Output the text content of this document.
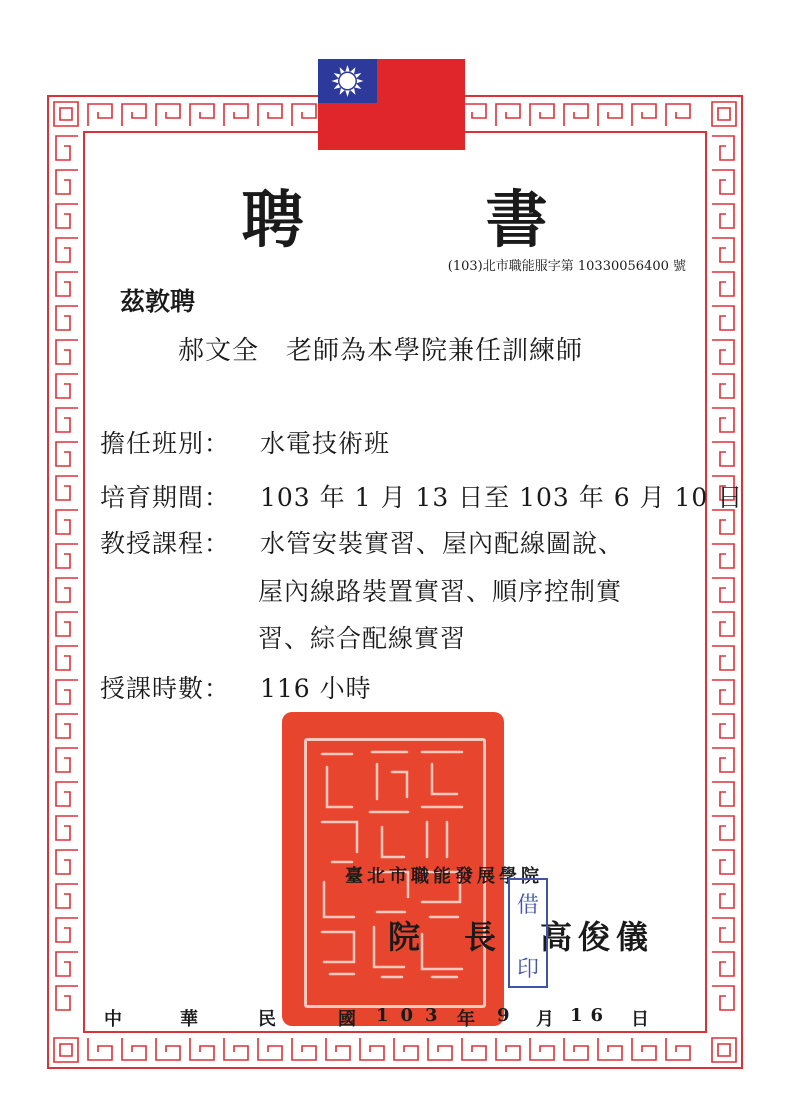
聘　書
(103)北市職能服字第 10330056400 號
茲敦聘
郝文全　老師為本學院兼任訓練師
擔任班別： 水電技術班
培育期間： 103 年 1 月 13 日至 103 年 6 月 10 日
教授課程： 水管安裝實習、屋內配線圖說、
屋內線路裝置實習、順序控制實
習、綜合配線實習
授課時數： 116 小時
臺北市職能發展學院
院　長　 高俊儀
借
印
中	華	民	國 103 年 9 月 16 日
